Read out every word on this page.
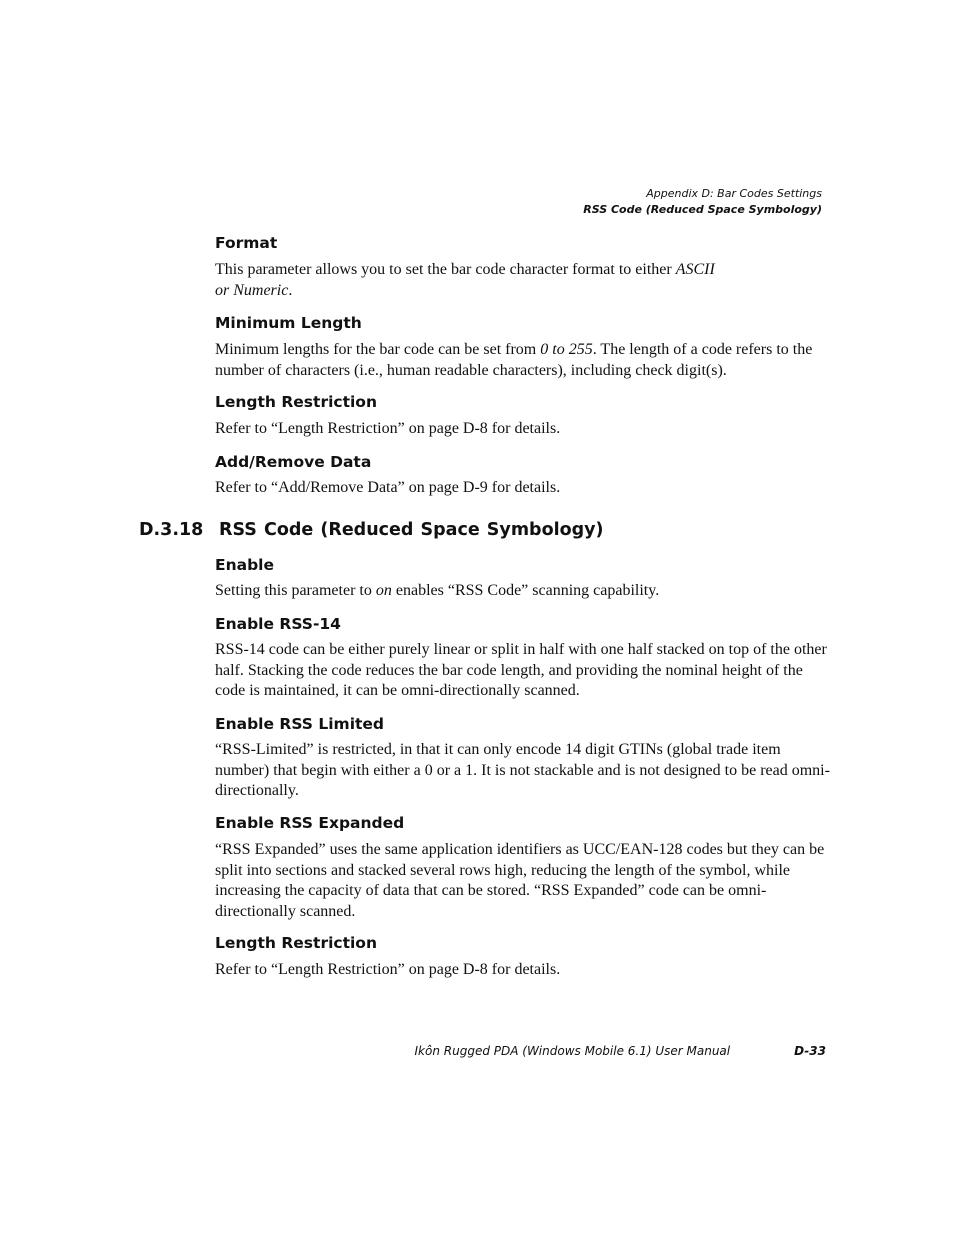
Appendix D: Bar Codes Settings
RSS Code (Reduced Space Symbology)
Format
This parameter allows you to set the bar code character format to either ASCII
or Numeric.
Minimum Length
Minimum lengths for the bar code can be set from 0 to 255. The length of a code refers to the number of characters (i.e., human readable characters), including check digit(s).
Length Restriction
Refer to “Length Restriction” on page D-8 for details.
Add/Remove Data
Refer to “Add/Remove Data” on page D-9 for details.
D.3.18 RSS Code (Reduced Space Symbology)
Enable
Setting this parameter to on enables “RSS Code” scanning capability.
Enable RSS-14
RSS-14 code can be either purely linear or split in half with one half stacked on top of the other half. Stacking the code reduces the bar code length, and providing the nominal height of the code is maintained, it can be omni-directionally scanned.
Enable RSS Limited
“RSS-Limited” is restricted, in that it can only encode 14 digit GTINs (global trade item number) that begin with either a 0 or a 1. It is not stackable and is not designed to be read omni-directionally.
Enable RSS Expanded
“RSS Expanded” uses the same application identifiers as UCC/EAN-128 codes but they can be split into sections and stacked several rows high, reducing the length of the symbol, while increasing the capacity of data that can be stored. “RSS Expanded” code can be omni-directionally scanned.
Length Restriction
Refer to “Length Restriction” on page D-8 for details.
Ikôn Rugged PDA (Windows Mobile 6.1) User Manual	D-33
